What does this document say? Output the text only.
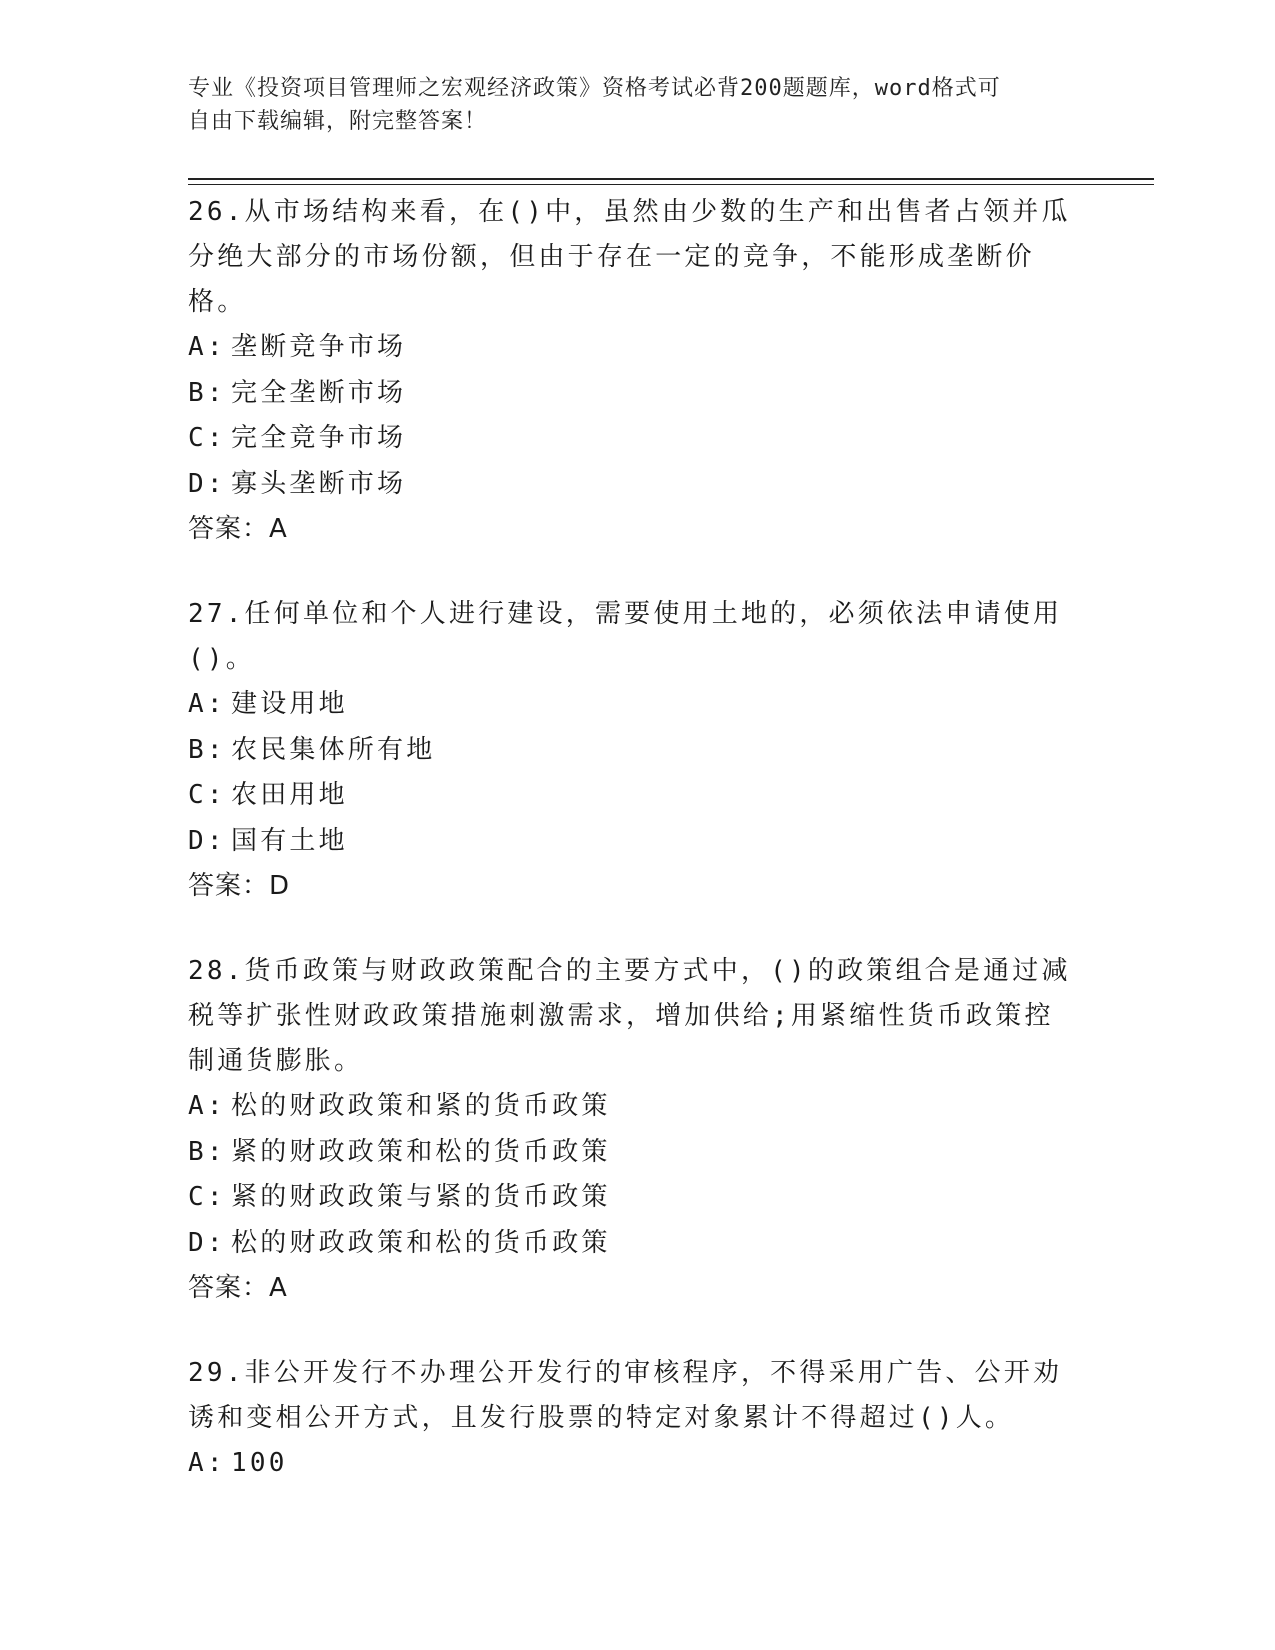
专业《投资项目管理师之宏观经济政策》资格考试必背200题题库，word格式可
自由下载编辑，附完整答案！

26.从市场结构来看，在()中，虽然由少数的生产和出售者占领并瓜分绝大部分的市场份额，但由于存在一定的竞争，不能形成垄断价格。

A: 垄断竞争市场

B: 完全垄断市场

C: 完全竞争市场

D: 寡头垄断市场

答案：A

27.任何单位和个人进行建设，需要使用土地的，必须依法申请使用()。

A: 建设用地

B: 农民集体所有地

C: 农田用地

D: 国有土地

答案：D

28.货币政策与财政政策配合的主要方式中，()的政策组合是通过减税等扩张性财政政策措施刺激需求，增加供给;用紧缩性货币政策控制通货膨胀。

A: 松的财政政策和紧的货币政策

B: 紧的财政政策和松的货币政策

C: 紧的财政政策与紧的货币政策

D: 松的财政政策和松的货币政策

答案：A

29.非公开发行不办理公开发行的审核程序，不得采用广告、公开劝诱和变相公开方式，且发行股票的特定对象累计不得超过()人。

A: 100
